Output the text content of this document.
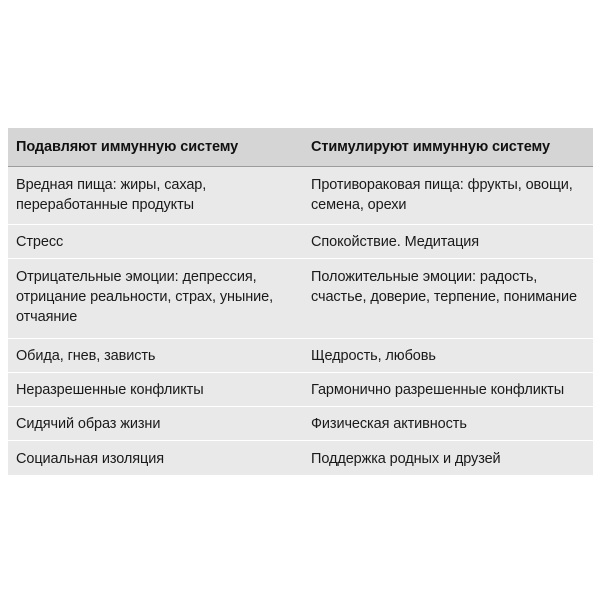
Подавляют иммунную систему	Стимулируют иммунную систему
Вредная пища: жиры, сахар, переработанные продукты	Противораковая пища: фрукты, овощи, семена, орехи
Стресс	Спокойствие. Медитация
Отрицательные эмоции: депрессия, отрицание реальности, страх, уныние, отчаяние	Положительные эмоции: радость, счастье, доверие, терпение, понимание
Обида, гнев, зависть	Щедрость, любовь
Неразрешенные конфликты	Гармонично разрешенные конфликты
Сидячий образ жизни	Физическая активность
Социальная изоляция	Поддержка родных и друзей
